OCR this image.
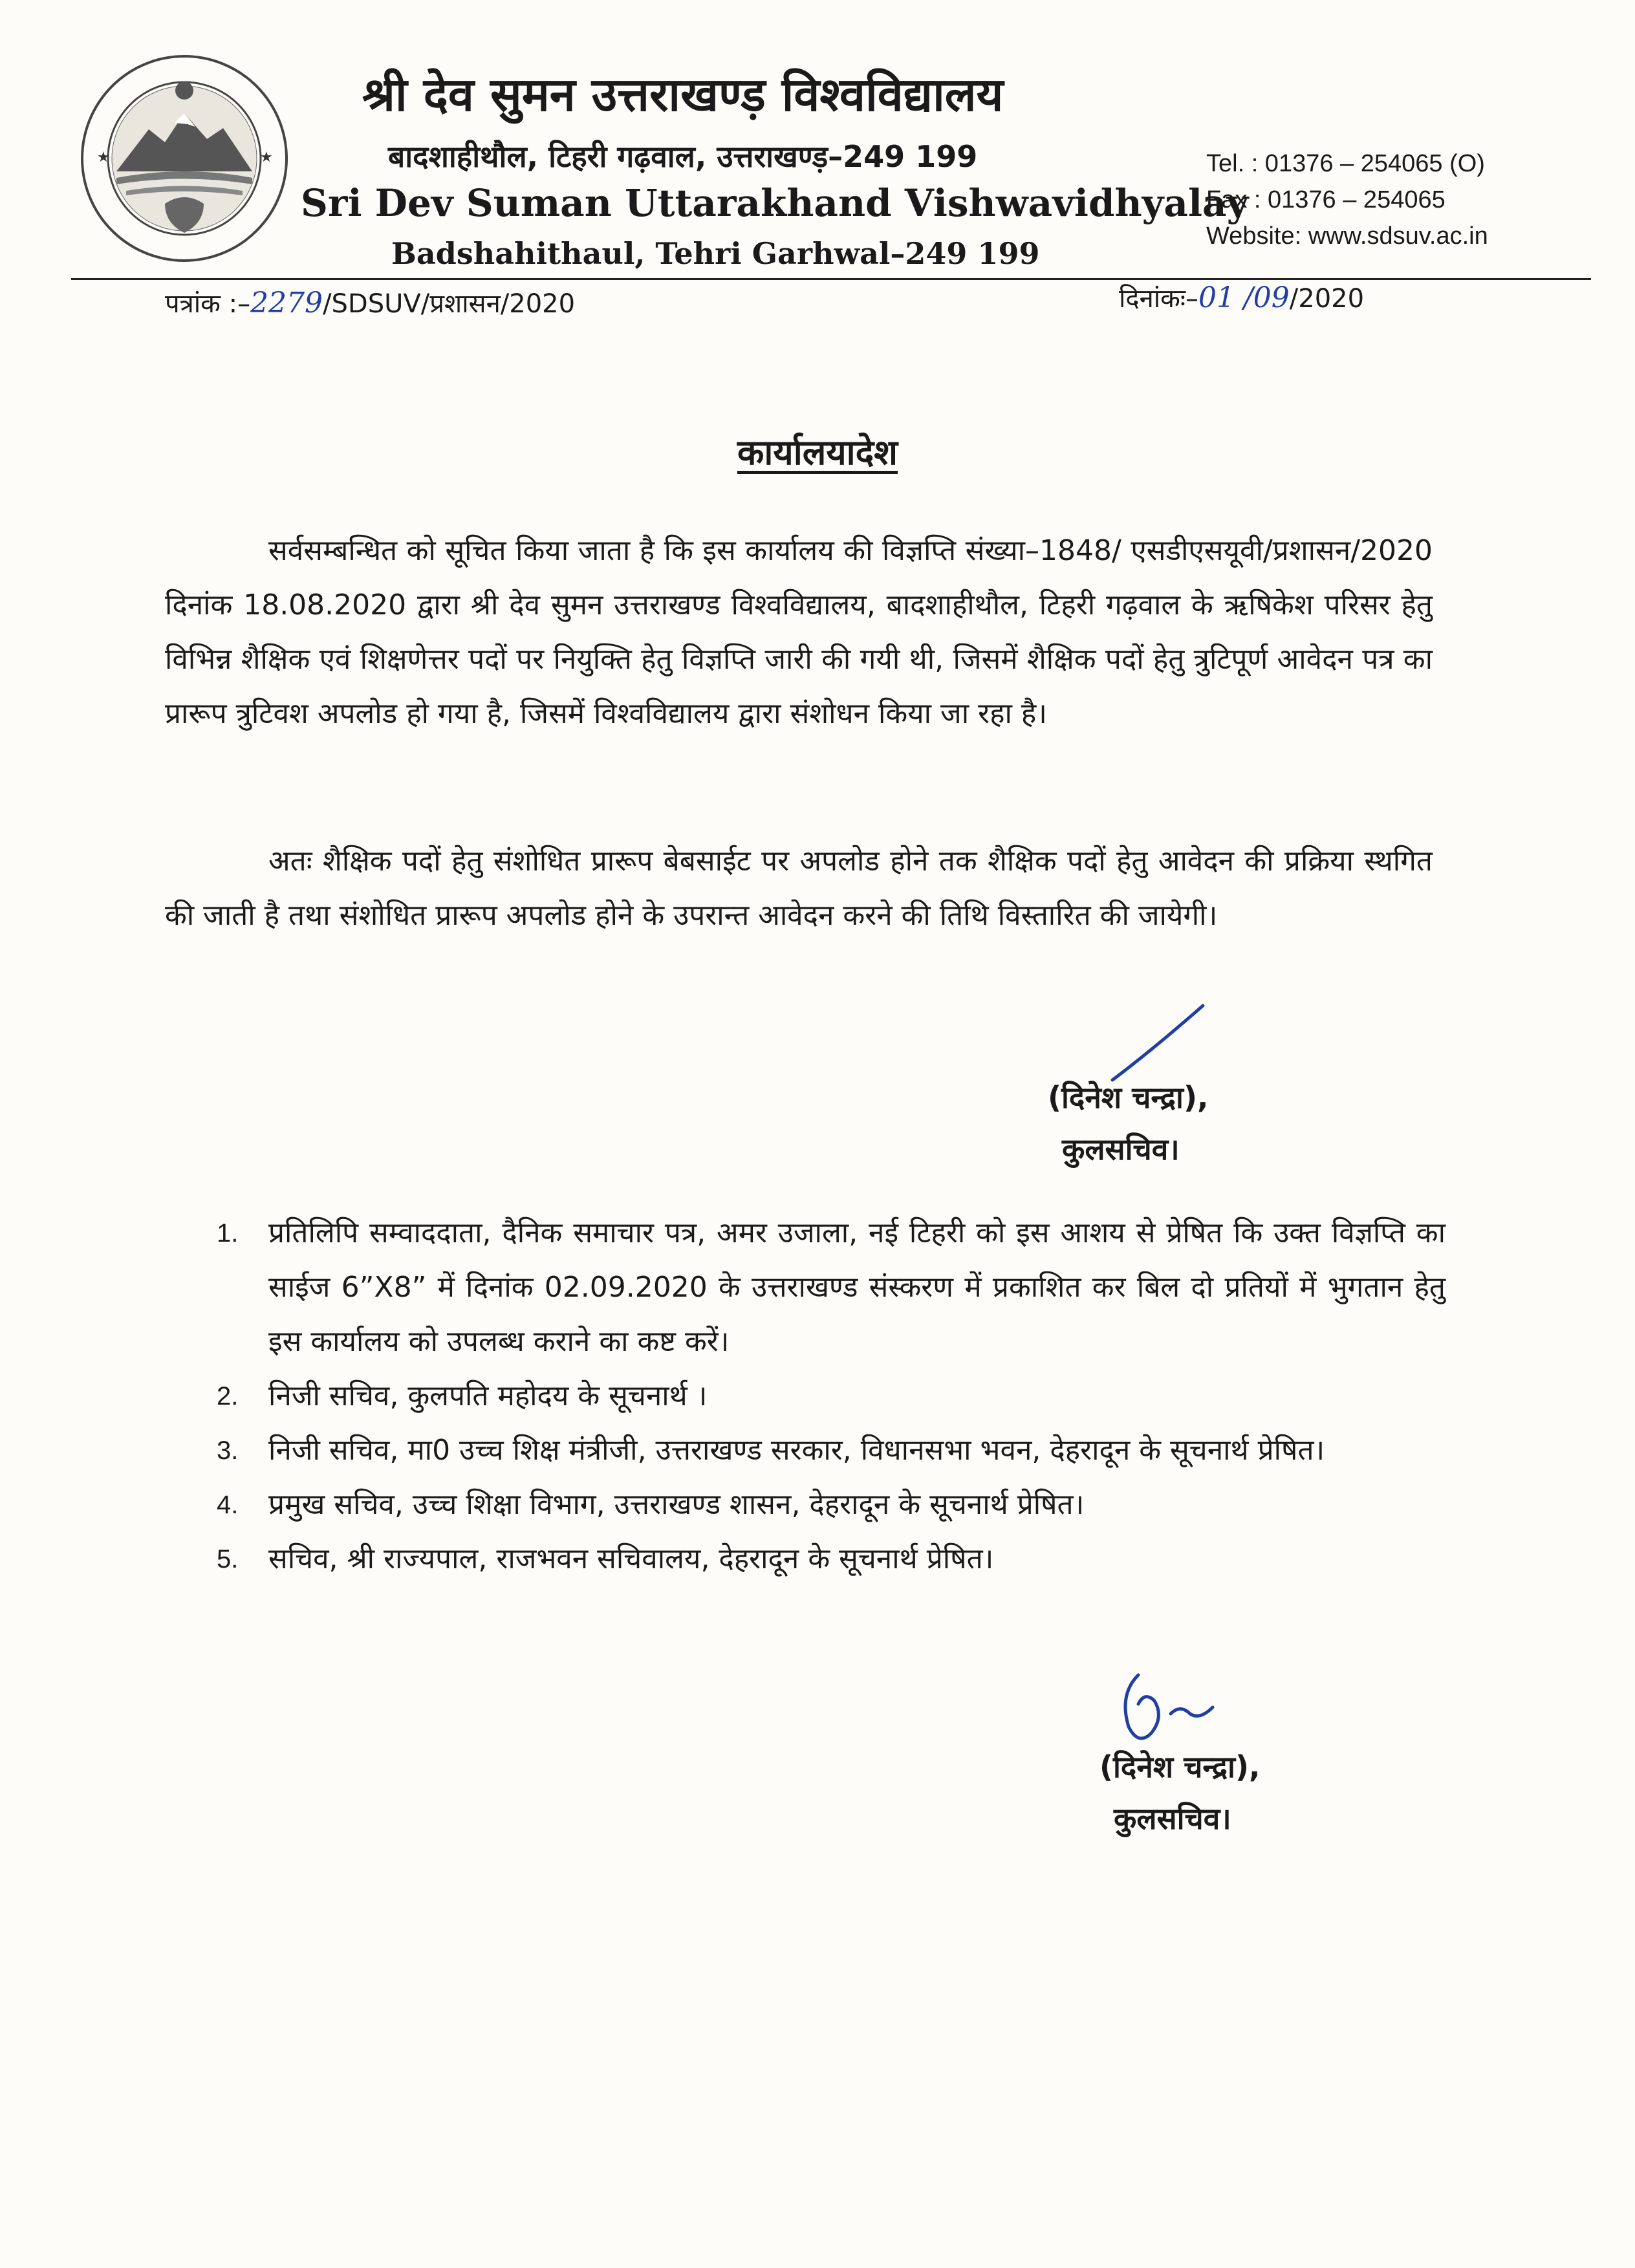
★	★
श्री देव सुमन उत्तराखण्ड़ विश्वविद्यालय
बादशाहीथौल, टिहरी गढ़वाल, उत्तराखण्ड़–249 199
Sri Dev Suman Uttarakhand Vishwavidhyalay
Badshahithaul, Tehri Garhwal–249 199
Tel. : 01376 – 254065 (O)
Fax : 01376 – 254065
Website: www.sdsuv.ac.in
पत्रांक :–2279/SDSUV/प्रशासन/2020	दिनांकः–01 /09/2020
कार्यालयादेश

सर्वसम्बन्धित को सूचित किया जाता है कि इस कार्यालय की विज्ञप्ति संख्या–1848/ एसडीएसयूवी/प्रशासन/2020 दिनांक 18.08.2020 द्वारा श्री देव सुमन उत्तराखण्ड विश्वविद्यालय, बादशाहीथौल, टिहरी गढ़वाल के ऋषिकेश परिसर हेतु विभिन्न शैक्षिक एवं शिक्षणेत्तर पदों पर नियुक्ति हेतु विज्ञप्ति जारी की गयी थी, जिसमें शैक्षिक पदों हेतु त्रुटिपूर्ण आवेदन पत्र का प्रारूप त्रुटिवश अपलोड हो गया है, जिसमें विश्वविद्यालय द्वारा संशोधन किया जा रहा है।

अतः शैक्षिक पदों हेतु संशोधित प्रारूप बेबसाईट पर अपलोड होने तक शैक्षिक पदों हेतु आवेदन की प्रक्रिया स्थगित की जाती है तथा संशोधित प्रारूप अपलोड होने के उपरान्त आवेदन करने की तिथि विस्तारित की जायेगी।

(दिनेश चन्द्रा),
कुलसचिव।
1. प्रतिलिपि सम्वाददाता, दैनिक समाचार पत्र, अमर उजाला, नई टिहरी को इस आशय से प्रेषित कि उक्त विज्ञप्ति का साईज 6”X8” में दिनांक 02.09.2020 के उत्तराखण्ड संस्करण में प्रकाशित कर बिल दो प्रतियों में भुगतान हेतु इस कार्यालय को उपलब्ध कराने का कष्ट करें।
2. निजी सचिव, कुलपति महोदय के सूचनार्थ ।
3. निजी सचिव, मा0 उच्च शिक्ष मंत्रीजी, उत्तराखण्ड सरकार, विधानसभा भवन, देहरादून के सूचनार्थ प्रेषित।
4. प्रमुख सचिव, उच्च शिक्षा विभाग, उत्तराखण्ड शासन, देहरादून के सूचनार्थ प्रेषित।
5. सचिव, श्री राज्यपाल, राजभवन सचिवालय, देहरादून के सूचनार्थ प्रेषित।
(दिनेश चन्द्रा),
कुलसचिव।
